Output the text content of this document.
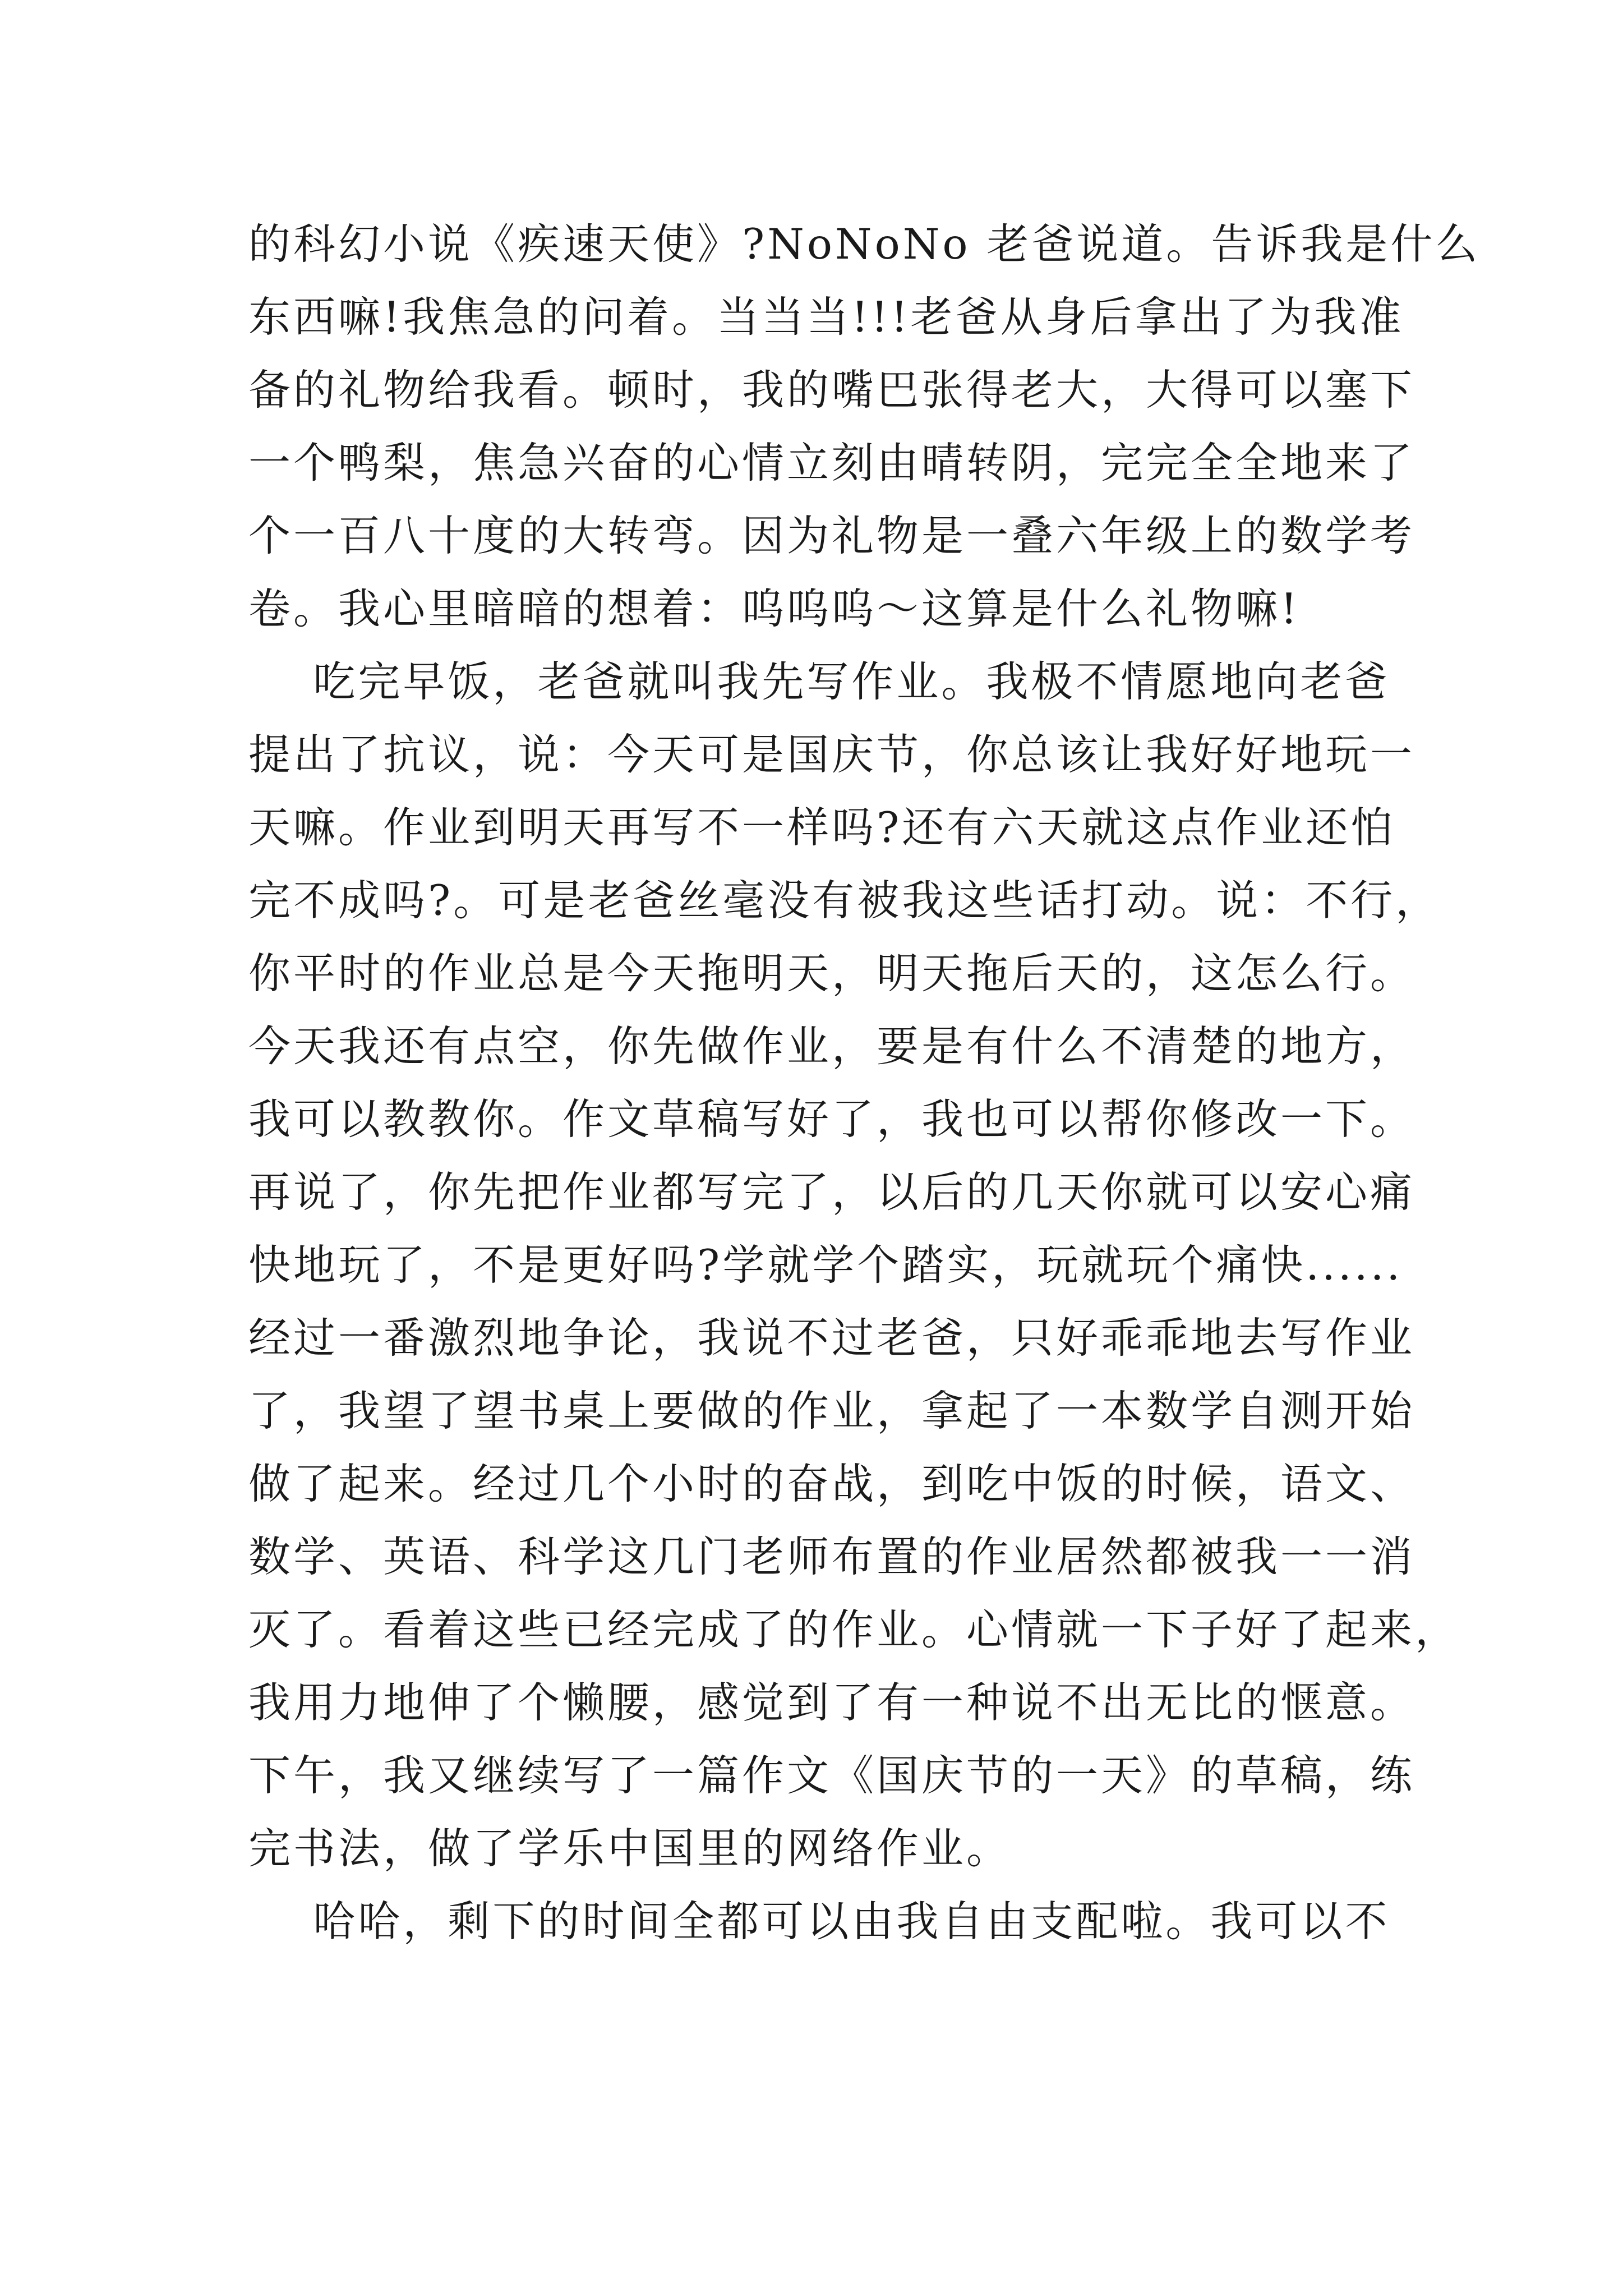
的科幻小说《疾速天使》?NoNoNo 老爸说道。告诉我是什么
东西嘛!我焦急的问着。当当当!!!老爸从身后拿出了为我准
备的礼物给我看。顿时，我的嘴巴张得老大，大得可以塞下
一个鸭梨，焦急兴奋的心情立刻由晴转阴，完完全全地来了
个一百八十度的大转弯。因为礼物是一叠六年级上的数学考
卷。我心里暗暗的想着：呜呜呜～这算是什么礼物嘛!
吃完早饭，老爸就叫我先写作业。我极不情愿地向老爸
提出了抗议，说：今天可是国庆节，你总该让我好好地玩一
天嘛。作业到明天再写不一样吗?还有六天就这点作业还怕
完不成吗?。可是老爸丝毫没有被我这些话打动。说：不行，
你平时的作业总是今天拖明天，明天拖后天的，这怎么行。
今天我还有点空，你先做作业，要是有什么不清楚的地方，
我可以教教你。作文草稿写好了，我也可以帮你修改一下。
再说了，你先把作业都写完了，以后的几天你就可以安心痛
快地玩了，不是更好吗?学就学个踏实，玩就玩个痛快......
经过一番激烈地争论，我说不过老爸，只好乖乖地去写作业
了，我望了望书桌上要做的作业，拿起了一本数学自测开始
做了起来。经过几个小时的奋战，到吃中饭的时候，语文、
数学、英语、科学这几门老师布置的作业居然都被我一一消
灭了。看着这些已经完成了的作业。心情就一下子好了起来，
我用力地伸了个懒腰，感觉到了有一种说不出无比的惬意。
下午，我又继续写了一篇作文《国庆节的一天》的草稿，练
完书法，做了学乐中国里的网络作业。
哈哈，剩下的时间全都可以由我自由支配啦。我可以不
